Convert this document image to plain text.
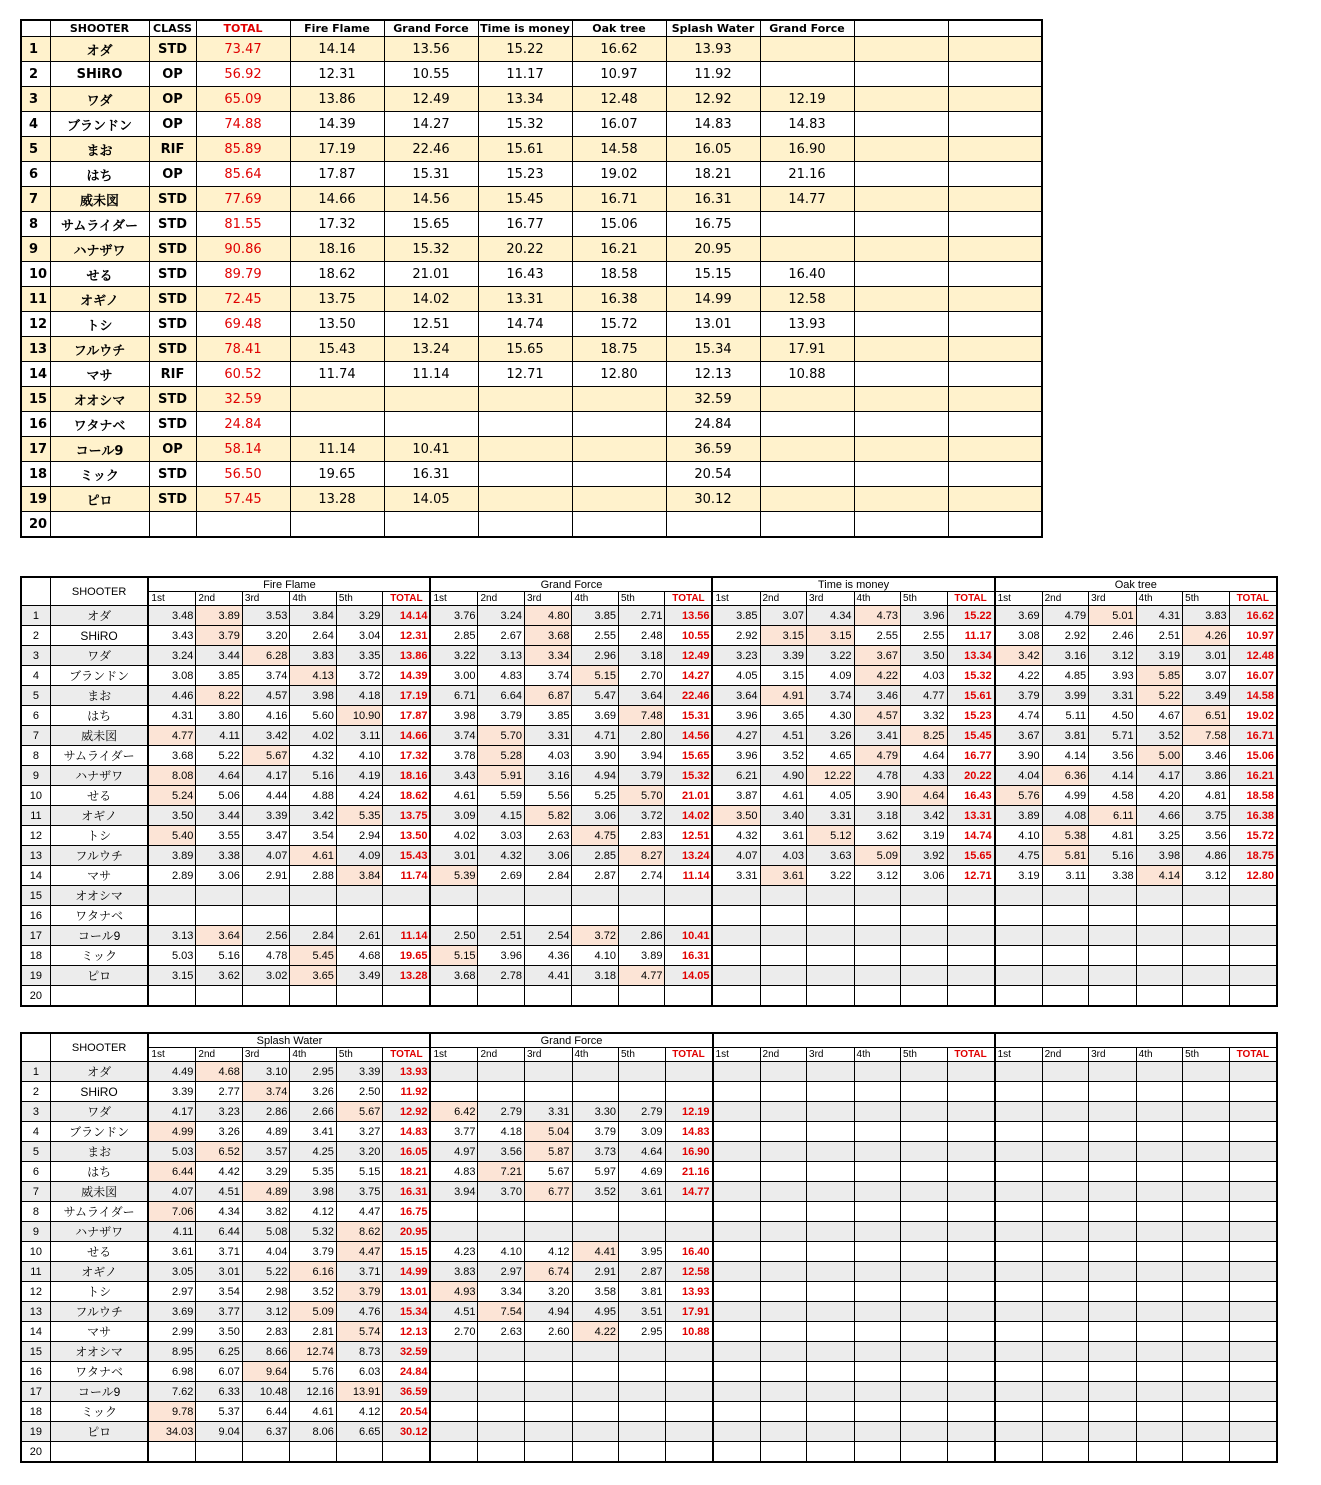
	SHOOTER	CLASS	TOTAL	Fire Flame	Grand Force	Time is money	Oak tree	Splash Water	Grand Force		
1	オダ	STD	73.47	14.14	13.56	15.22	16.62	13.93			
2	SHiRO	OP	56.92	12.31	10.55	11.17	10.97	11.92			
3	ワダ	OP	65.09	13.86	12.49	13.34	12.48	12.92	12.19		
4	ブランドン	OP	74.88	14.39	14.27	15.32	16.07	14.83	14.83		
5	まお	RIF	85.89	17.19	22.46	15.61	14.58	16.05	16.90		
6	はち	OP	85.64	17.87	15.31	15.23	19.02	18.21	21.16		
7	威未図	STD	77.69	14.66	14.56	15.45	16.71	16.31	14.77		
8	サムライダー	STD	81.55	17.32	15.65	16.77	15.06	16.75			
9	ハナザワ	STD	90.86	18.16	15.32	20.22	16.21	20.95			
10	せる	STD	89.79	18.62	21.01	16.43	18.58	15.15	16.40		
11	オギノ	STD	72.45	13.75	14.02	13.31	16.38	14.99	12.58		
12	トシ	STD	69.48	13.50	12.51	14.74	15.72	13.01	13.93		
13	フルウチ	STD	78.41	15.43	13.24	15.65	18.75	15.34	17.91		
14	マサ	RIF	60.52	11.74	11.14	12.71	12.80	12.13	10.88		
15	オオシマ	STD	32.59					32.59			
16	ワタナベ	STD	24.84					24.84			
17	コール9	OP	58.14	11.14	10.41			36.59			
18	ミック	STD	56.50	19.65	16.31			20.54			
19	ピロ	STD	57.45	13.28	14.05			30.12			
20											
	SHOOTER	Fire Flame						Grand Force						Time is money						Oak tree					
		1st	2nd	3rd	4th	5th	TOTAL	1st	2nd	3rd	4th	5th	TOTAL	1st	2nd	3rd	4th	5th	TOTAL	1st	2nd	3rd	4th	5th	TOTAL
1	オダ	3.48	3.89	3.53	3.84	3.29	14.14	3.76	3.24	4.80	3.85	2.71	13.56	3.85	3.07	4.34	4.73	3.96	15.22	3.69	4.79	5.01	4.31	3.83	16.62
2	SHiRO	3.43	3.79	3.20	2.64	3.04	12.31	2.85	2.67	3.68	2.55	2.48	10.55	2.92	3.15	3.15	2.55	2.55	11.17	3.08	2.92	2.46	2.51	4.26	10.97
3	ワダ	3.24	3.44	6.28	3.83	3.35	13.86	3.22	3.13	3.34	2.96	3.18	12.49	3.23	3.39	3.22	3.67	3.50	13.34	3.42	3.16	3.12	3.19	3.01	12.48
4	ブランドン	3.08	3.85	3.74	4.13	3.72	14.39	3.00	4.83	3.74	5.15	2.70	14.27	4.05	3.15	4.09	4.22	4.03	15.32	4.22	4.85	3.93	5.85	3.07	16.07
5	まお	4.46	8.22	4.57	3.98	4.18	17.19	6.71	6.64	6.87	5.47	3.64	22.46	3.64	4.91	3.74	3.46	4.77	15.61	3.79	3.99	3.31	5.22	3.49	14.58
6	はち	4.31	3.80	4.16	5.60	10.90	17.87	3.98	3.79	3.85	3.69	7.48	15.31	3.96	3.65	4.30	4.57	3.32	15.23	4.74	5.11	4.50	4.67	6.51	19.02
7	威未図	4.77	4.11	3.42	4.02	3.11	14.66	3.74	5.70	3.31	4.71	2.80	14.56	4.27	4.51	3.26	3.41	8.25	15.45	3.67	3.81	5.71	3.52	7.58	16.71
8	サムライダー	3.68	5.22	5.67	4.32	4.10	17.32	3.78	5.28	4.03	3.90	3.94	15.65	3.96	3.52	4.65	4.79	4.64	16.77	3.90	4.14	3.56	5.00	3.46	15.06
9	ハナザワ	8.08	4.64	4.17	5.16	4.19	18.16	3.43	5.91	3.16	4.94	3.79	15.32	6.21	4.90	12.22	4.78	4.33	20.22	4.04	6.36	4.14	4.17	3.86	16.21
10	せる	5.24	5.06	4.44	4.88	4.24	18.62	4.61	5.59	5.56	5.25	5.70	21.01	3.87	4.61	4.05	3.90	4.64	16.43	5.76	4.99	4.58	4.20	4.81	18.58
11	オギノ	3.50	3.44	3.39	3.42	5.35	13.75	3.09	4.15	5.82	3.06	3.72	14.02	3.50	3.40	3.31	3.18	3.42	13.31	3.89	4.08	6.11	4.66	3.75	16.38
12	トシ	5.40	3.55	3.47	3.54	2.94	13.50	4.02	3.03	2.63	4.75	2.83	12.51	4.32	3.61	5.12	3.62	3.19	14.74	4.10	5.38	4.81	3.25	3.56	15.72
13	フルウチ	3.89	3.38	4.07	4.61	4.09	15.43	3.01	4.32	3.06	2.85	8.27	13.24	4.07	4.03	3.63	5.09	3.92	15.65	4.75	5.81	5.16	3.98	4.86	18.75
14	マサ	2.89	3.06	2.91	2.88	3.84	11.74	5.39	2.69	2.84	2.87	2.74	11.14	3.31	3.61	3.22	3.12	3.06	12.71	3.19	3.11	3.38	4.14	3.12	12.80
15	オオシマ																								
16	ワタナベ																								
17	コール9	3.13	3.64	2.56	2.84	2.61	11.14	2.50	2.51	2.54	3.72	2.86	10.41												
18	ミック	5.03	5.16	4.78	5.45	4.68	19.65	5.15	3.96	4.36	4.10	3.89	16.31												
19	ピロ	3.15	3.62	3.02	3.65	3.49	13.28	3.68	2.78	4.41	3.18	4.77	14.05												
20																									
	SHOOTER	Splash Water						Grand Force																	
		1st	2nd	3rd	4th	5th	TOTAL	1st	2nd	3rd	4th	5th	TOTAL	1st	2nd	3rd	4th	5th	TOTAL	1st	2nd	3rd	4th	5th	TOTAL
1	オダ	4.49	4.68	3.10	2.95	3.39	13.93																		
2	SHiRO	3.39	2.77	3.74	3.26	2.50	11.92																		
3	ワダ	4.17	3.23	2.86	2.66	5.67	12.92	6.42	2.79	3.31	3.30	2.79	12.19												
4	ブランドン	4.99	3.26	4.89	3.41	3.27	14.83	3.77	4.18	5.04	3.79	3.09	14.83												
5	まお	5.03	6.52	3.57	4.25	3.20	16.05	4.97	3.56	5.87	3.73	4.64	16.90												
6	はち	6.44	4.42	3.29	5.35	5.15	18.21	4.83	7.21	5.67	5.97	4.69	21.16												
7	威未図	4.07	4.51	4.89	3.98	3.75	16.31	3.94	3.70	6.77	3.52	3.61	14.77												
8	サムライダー	7.06	4.34	3.82	4.12	4.47	16.75																		
9	ハナザワ	4.11	6.44	5.08	5.32	8.62	20.95																		
10	せる	3.61	3.71	4.04	3.79	4.47	15.15	4.23	4.10	4.12	4.41	3.95	16.40												
11	オギノ	3.05	3.01	5.22	6.16	3.71	14.99	3.83	2.97	6.74	2.91	2.87	12.58												
12	トシ	2.97	3.54	2.98	3.52	3.79	13.01	4.93	3.34	3.20	3.58	3.81	13.93												
13	フルウチ	3.69	3.77	3.12	5.09	4.76	15.34	4.51	7.54	4.94	4.95	3.51	17.91												
14	マサ	2.99	3.50	2.83	2.81	5.74	12.13	2.70	2.63	2.60	4.22	2.95	10.88												
15	オオシマ	8.95	6.25	8.66	12.74	8.73	32.59																		
16	ワタナベ	6.98	6.07	9.64	5.76	6.03	24.84																		
17	コール9	7.62	6.33	10.48	12.16	13.91	36.59																		
18	ミック	9.78	5.37	6.44	4.61	4.12	20.54																		
19	ピロ	34.03	9.04	6.37	8.06	6.65	30.12																		
20																									
